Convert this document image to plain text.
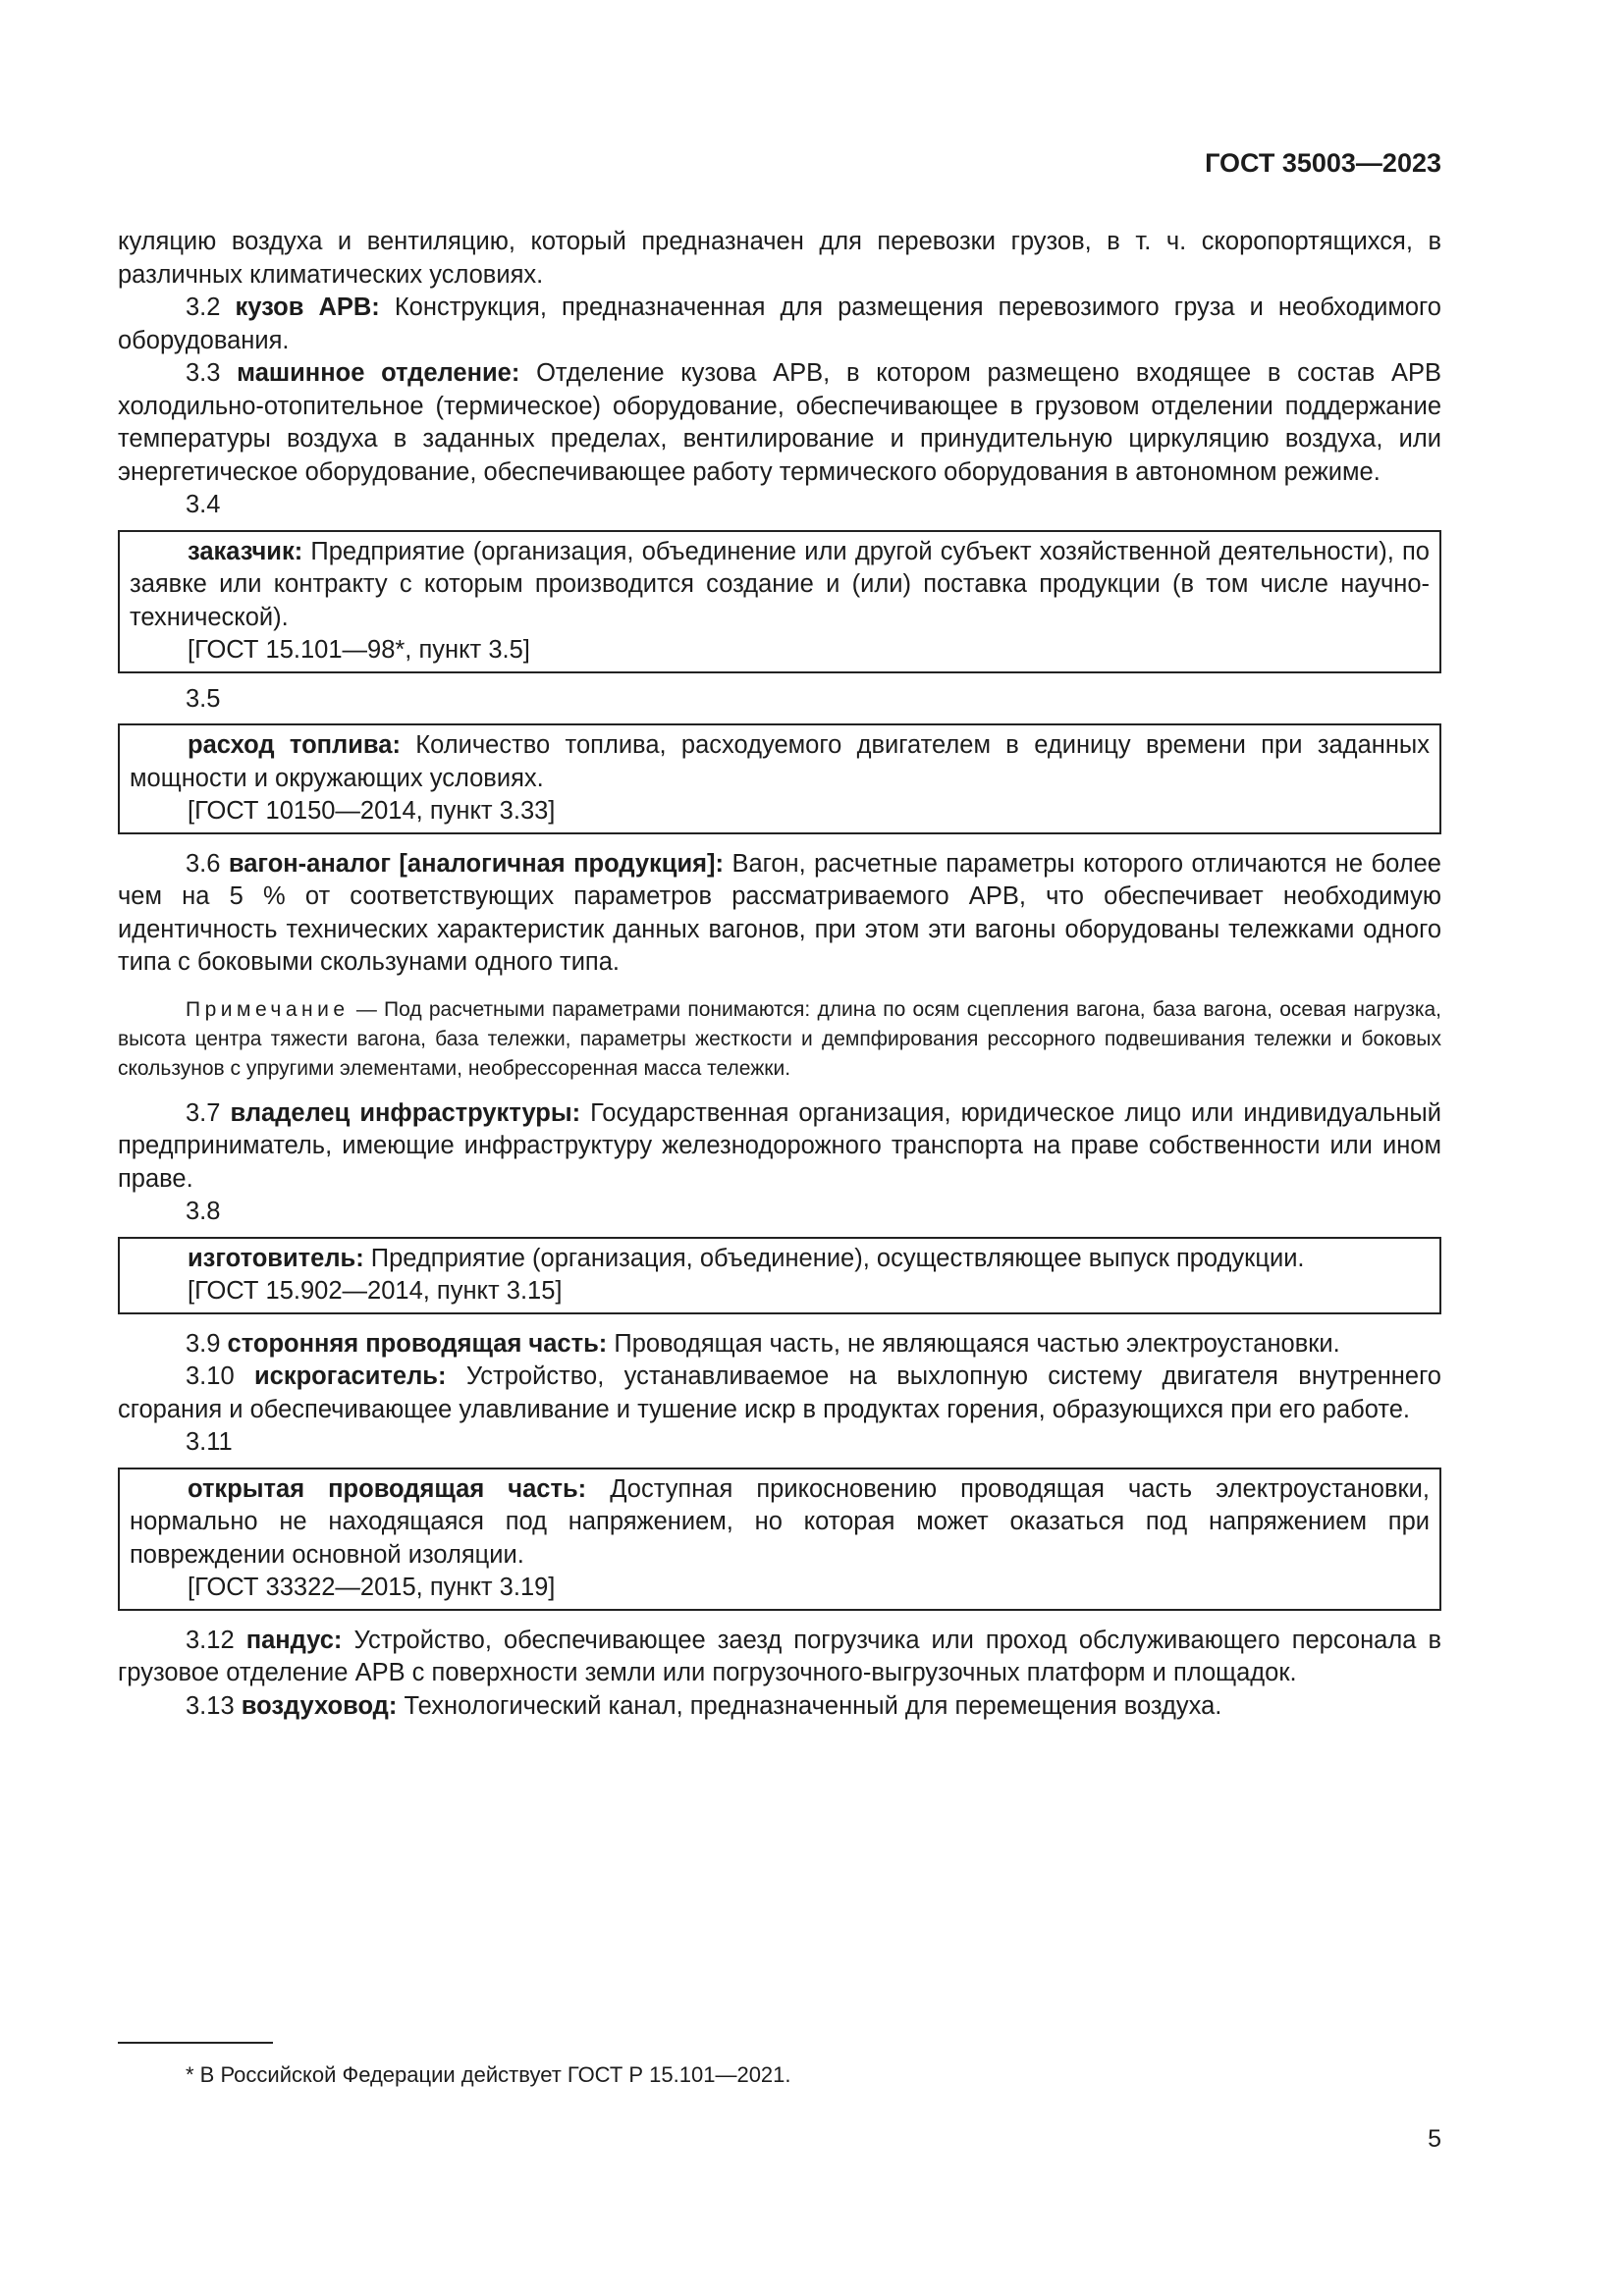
ГОСТ 35003—2023

куляцию воздуха и вентиляцию, который предназначен для перевозки грузов, в т. ч. скоропортящихся, в различных климатических условиях.

3.2 кузов АРВ: Конструкция, предназначенная для размещения перевозимого груза и необходимого оборудования.

3.3 машинное отделение: Отделение кузова АРВ, в котором размещено входящее в состав АРВ холодильно-отопительное (термическое) оборудование, обеспечивающее в грузовом отделении поддержание температуры воздуха в заданных пределах, вентилирование и принудительную циркуляцию воздуха, или энергетическое оборудование, обеспечивающее работу термического оборудования в автономном режиме.

3.4

заказчик: Предприятие (организация, объединение или другой субъект хозяйственной деятельности), по заявке или контракту с которым производится создание и (или) поставка продукции (в том числе научно-технической).

[ГОСТ 15.101—98*, пункт 3.5]

3.5

расход топлива: Количество топлива, расходуемого двигателем в единицу времени при заданных мощности и окружающих условиях.

[ГОСТ 10150—2014, пункт 3.33]

3.6 вагон-аналог [аналогичная продукция]: Вагон, расчетные параметры которого отличаются не более чем на 5 % от соответствующих параметров рассматриваемого АРВ, что обеспечивает необходимую идентичность технических характеристик данных вагонов, при этом эти вагоны оборудованы тележками одного типа с боковыми скользунами одного типа.

Примечание — Под расчетными параметрами понимаются: длина по осям сцепления вагона, база вагона, осевая нагрузка, высота центра тяжести вагона, база тележки, параметры жесткости и демпфирования рессорного подвешивания тележки и боковых скользунов с упругими элементами, необрессоренная масса тележки.

3.7 владелец инфраструктуры: Государственная организация, юридическое лицо или индивидуальный предприниматель, имеющие инфраструктуру железнодорожного транспорта на праве собственности или ином праве.

3.8

изготовитель: Предприятие (организация, объединение), осуществляющее выпуск продукции.

[ГОСТ 15.902—2014, пункт 3.15]

3.9 сторонняя проводящая часть: Проводящая часть, не являющаяся частью электроустановки.

3.10 искрогаситель: Устройство, устанавливаемое на выхлопную систему двигателя внутреннего сгорания и обеспечивающее улавливание и тушение искр в продуктах горения, образующихся при его работе.

3.11

открытая проводящая часть: Доступная прикосновению проводящая часть электроустановки, нормально не находящаяся под напряжением, но которая может оказаться под напряжением при повреждении основной изоляции.

[ГОСТ 33322—2015, пункт 3.19]

3.12 пандус: Устройство, обеспечивающее заезд погрузчика или проход обслуживающего персонала в грузовое отделение АРВ с поверхности земли или погрузочного-выгрузочных платформ и площадок.

3.13 воздуховод: Технологический канал, предназначенный для перемещения воздуха.

* В Российской Федерации действует ГОСТ Р 15.101—2021.
5
